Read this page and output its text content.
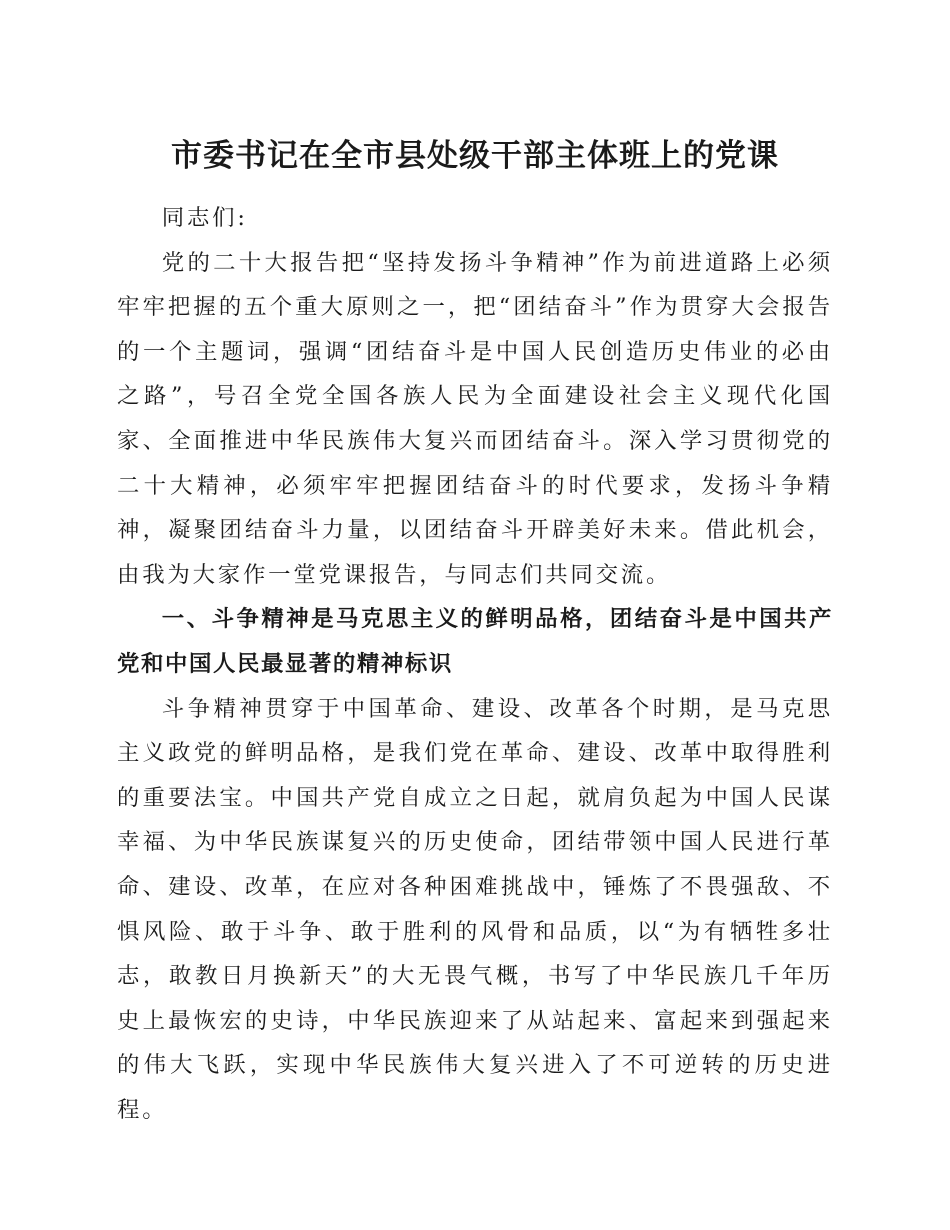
市委书记在全市县处级干部主体班上的党课

同志们:

党的二十大报告把“坚持发扬斗争精神”作为前进道路上必须牢牢把握的五个重大原则之一，把“团结奋斗”作为贯穿大会报告的一个主题词，强调“团结奋斗是中国人民创造历史伟业的必由之路”，号召全党全国各族人民为全面建设社会主义现代化国家、全面推进中华民族伟大复兴而团结奋斗。深入学习贯彻党的二十大精神，必须牢牢把握团结奋斗的时代要求，发扬斗争精神，凝聚团结奋斗力量，以团结奋斗开辟美好未来。借此机会，由我为大家作一堂党课报告，与同志们共同交流。

一、斗争精神是马克思主义的鲜明品格，团结奋斗是中国共产党和中国人民最显著的精神标识

斗争精神贯穿于中国革命、建设、改革各个时期，是马克思主义政党的鲜明品格，是我们党在革命、建设、改革中取得胜利的重要法宝。中国共产党自成立之日起，就肩负起为中国人民谋幸福、为中华民族谋复兴的历史使命，团结带领中国人民进行革命、建设、改革，在应对各种困难挑战中，锤炼了不畏强敌、不惧风险、敢于斗争、敢于胜利的风骨和品质，以“为有牺牲多壮志，敢教日月换新天”的大无畏气概，书写了中华民族几千年历史上最恢宏的史诗，中华民族迎来了从站起来、富起来到强起来的伟大飞跃，实现中华民族伟大复兴进入了不可逆转的历史进程。
